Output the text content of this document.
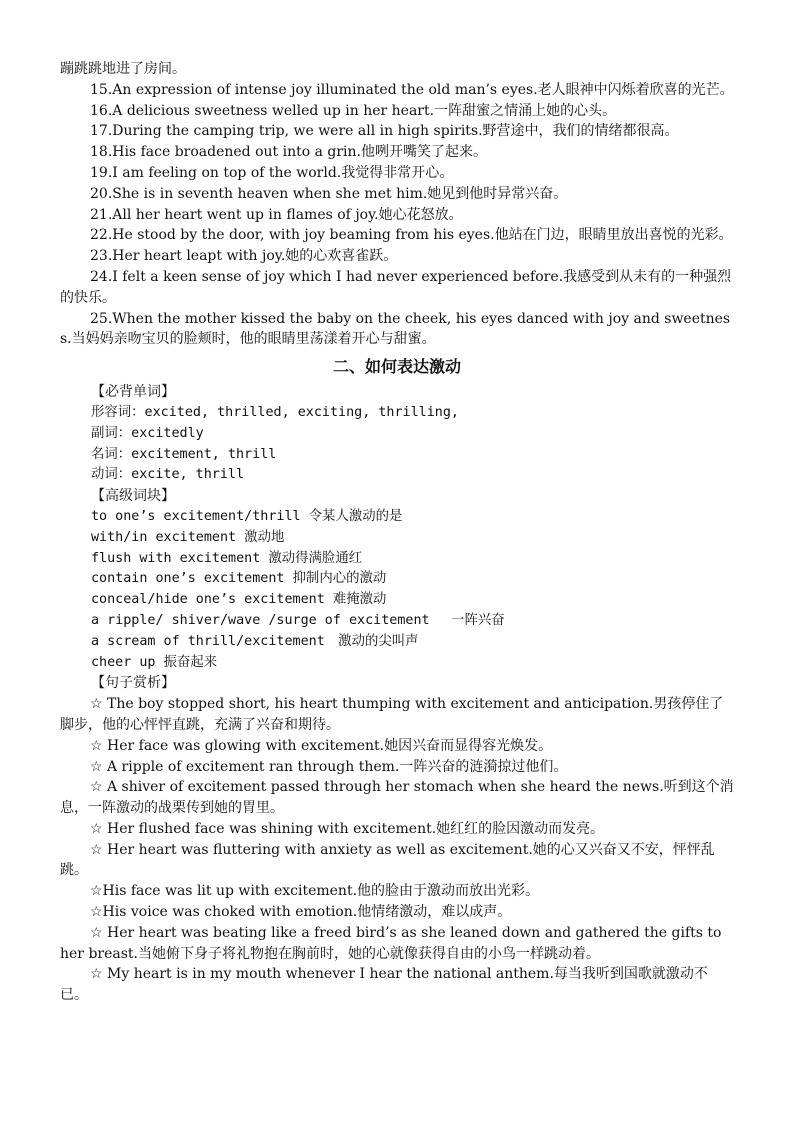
蹦跳跳地进了房间。
15.An expression of intense joy illuminated the old man’s eyes.老人眼神中闪烁着欣喜的光芒。
16.A delicious sweetness welled up in her heart.一阵甜蜜之情涌上她的心头。
17.During the camping trip, we were all in high spirits.野营途中，我们的情绪都很高。
18.His face broadened out into a grin.他咧开嘴笑了起来。
19.I am feeling on top of the world.我觉得非常开心。
20.She is in seventh heaven when she met him.她见到他时异常兴奋。
21.All her heart went up in flames of joy.她心花怒放。
22.He stood by the door, with joy beaming from his eyes.他站在门边，眼睛里放出喜悦的光彩。
23.Her heart leapt with joy.她的心欢喜雀跃。
24.I felt a keen sense of joy which I had never experienced before.我感受到从未有的一种强烈的快乐。
25.When the mother kissed the baby on the cheek, his eyes danced with joy and sweetness.当妈妈亲吻宝贝的脸颊时，他的眼睛里荡漾着开心与甜蜜。
二、如何表达激动
【必背单词】
形容词：excited, thrilled, exciting, thrilling,
副词：excitedly
名词：excitement, thrill
动词：excite, thrill
【高级词块】
to one’s excitement/thrill 令某人激动的是
with/in excitement 激动地
flush with excitement 激动得满脸通红
contain one’s excitement 抑制内心的激动
conceal/hide one’s excitement 难掩激动
a ripple/ shiver/wave /surge of excitement　 一阵兴奋
a scream of thrill/excitement　激动的尖叫声
cheer up 振奋起来
【句子赏析】
☆ The boy stopped short, his heart thumping with excitement and anticipation.男孩停住了脚步，他的心怦怦直跳，充满了兴奋和期待。
☆ Her face was glowing with excitement.她因兴奋而显得容光焕发。
☆ A ripple of excitement ran through them.一阵兴奋的涟漪掠过他们。
☆ A shiver of excitement passed through her stomach when she heard the news.听到这个消息，一阵激动的战栗传到她的胃里。
☆ Her flushed face was shining with excitement.她红红的脸因激动而发亮。
☆ Her heart was fluttering with anxiety as well as excitement.她的心又兴奋又不安，怦怦乱跳。
☆His face was lit up with excitement.他的脸由于激动而放出光彩。
☆His voice was choked with emotion.他情绪激动，难以成声。
☆ Her heart was beating like a freed bird’s as she leaned down and gathered the gifts to her breast.当她俯下身子将礼物抱在胸前时，她的心就像获得自由的小鸟一样跳动着。
☆ My heart is in my mouth whenever I hear the national anthem.每当我听到国歌就激动不已。
